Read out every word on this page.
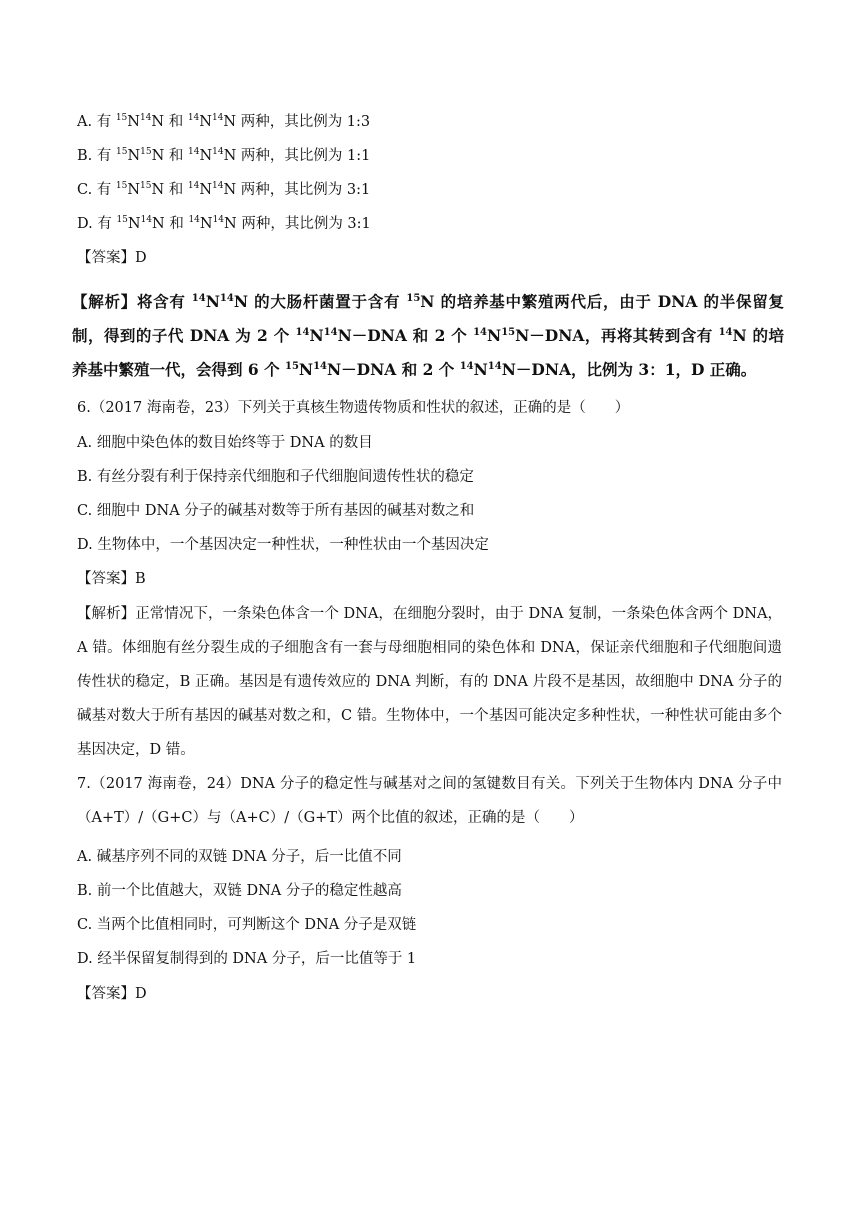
A. 有 $^{15}N^{14}N$ 和 $^{14}N^{14}N$ 两种，其比例为 1:3
B. 有 $^{15}N^{15}N$ 和 $^{14}N^{14}N$ 两种，其比例为 1:1
C. 有 $^{15}N^{15}N$ 和 $^{14}N^{14}N$ 两种，其比例为 3:1
D. 有 $^{15}N^{14}N$ 和 $^{14}N^{14}N$ 两种，其比例为 3:1
【答案】D
【解析】将含有 $^{14}N^{14}N$ 的大肠杆菌置于含有 $^{15}$N 的培养基中繁殖两代后，由于 DNA 的半保留复制，得到的子代 DNA 为 2 个 $^{14}N^{14}N-DNA$ 和 2 个 $^{14}N^{15}N-DNA$，再将其转到含有 $^{14}$N 的培养基中繁殖一代，会得到 6 个 $^{15}N^{14}N-DNA$ 和 2 个 $^{14}N^{14}N-DNA$，比例为 3：1，D 正确。
6.（2017 海南卷，23）下列关于真核生物遗传物质和性状的叙述，正确的是（　　）
A. 细胞中染色体的数目始终等于 DNA 的数目
B. 有丝分裂有利于保持亲代细胞和子代细胞间遗传性状的稳定
C. 细胞中 DNA 分子的碱基对数等于所有基因的碱基对数之和
D. 生物体中，一个基因决定一种性状，一种性状由一个基因决定
【答案】B
【解析】正常情况下，一条染色体含一个 DNA，在细胞分裂时，由于 DNA 复制，一条染色体含两个 DNA，A 错。体细胞有丝分裂生成的子细胞含有一套与母细胞相同的染色体和 DNA，保证亲代细胞和子代细胞间遗传性状的稳定，B 正确。基因是有遗传效应的 DNA 判断，有的 DNA 片段不是基因，故细胞中 DNA 分子的碱基对数大于所有基因的碱基对数之和，C 错。生物体中，一个基因可能决定多种性状，一种性状可能由多个基因决定，D 错。
7.（2017 海南卷，24）DNA 分子的稳定性与碱基对之间的氢键数目有关。下列关于生物体内 DNA 分子中（A+T）/（G+C）与（A+C）/（G+T）两个比值的叙述，正确的是（　　）
A. 碱基序列不同的双链 DNA 分子，后一比值不同
B. 前一个比值越大，双链 DNA 分子的稳定性越高
C. 当两个比值相同时，可判断这个 DNA 分子是双链
D. 经半保留复制得到的 DNA 分子，后一比值等于 1
【答案】D
